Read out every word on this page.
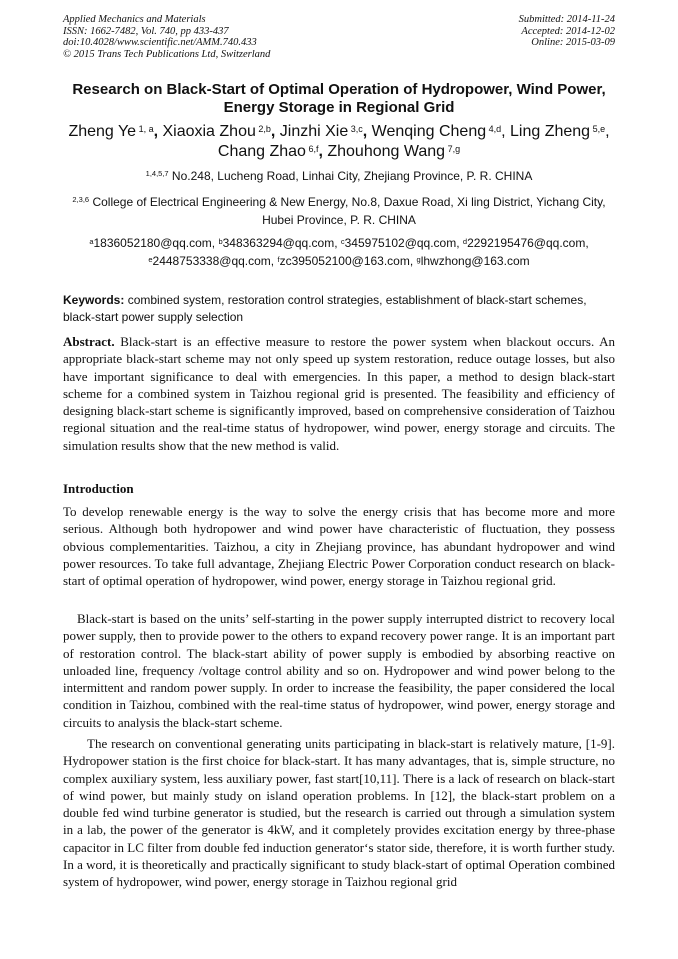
Applied Mechanics and Materials
ISSN: 1662-7482, Vol. 740, pp 433-437
doi:10.4028/www.scientific.net/AMM.740.433
© 2015 Trans Tech Publications Ltd, Switzerland
Submitted: 2014-11-24
Accepted: 2014-12-02
Online: 2015-03-09
Research on Black-Start of Optimal Operation of Hydropower, Wind Power, Energy Storage in Regional Grid
Zheng Ye $^{1, a}$, Xiaoxia Zhou $^{2,b}$, Jinzhi Xie $^{3,c}$, Wenqing Cheng $^{4,d}$, Ling Zheng $^{5,e}$,
Chang Zhao $^{6,f}$, Zhouhong Wang $^{7,g}$
$^{1,4,5,7}$ No.248, Lucheng Road, Linhai City, Zhejiang Province, P. R. CHINA
$^{2,3,6}$ College of Electrical Engineering & New Energy, No.8, Daxue Road, Xi ling District, Yichang City, Hubei Province, P. R. CHINA
$^a$1836052180@qq.com, $^b$348363294@qq.com, $^c$345975102@qq.com, $^d$2292195476@qq.com,
$^e$2448753338@qq.com, $^f$zc395052100@163.com, $^g$lhwzhong@163.com
Keywords: combined system, restoration control strategies, establishment of black-start schemes, black-start power supply selection
Abstract. Black-start is an effective measure to restore the power system when blackout occurs. An appropriate black-start scheme may not only speed up system restoration, reduce outage losses, but also have important significance to deal with emergencies. In this paper, a method to design black-start scheme for a combined system in Taizhou regional grid is presented. The feasibility and efficiency of designing black-start scheme is significantly improved, based on comprehensive consideration of Taizhou regional situation and the real-time status of hydropower, wind power, energy storage and circuits. The simulation results show that the new method is valid.
Introduction
To develop renewable energy is the way to solve the energy crisis that has become more and more serious. Although both hydropower and wind power have characteristic of fluctuation, they possess obvious complementarities. Taizhou, a city in Zhejiang province, has abundant hydropower and wind power resources. To take full advantage, Zhejiang Electric Power Corporation conduct research on black-start of optimal operation of hydropower, wind power, energy storage in Taizhou regional grid.
Black-start is based on the units’ self-starting in the power supply interrupted district to recovery local power supply, then to provide power to the others to expand recovery power range. It is an important part of restoration control. The black-start ability of power supply is embodied by absorbing reactive on unloaded line, frequency /voltage control ability and so on. Hydropower and wind power belong to the intermittent and random power supply. In order to increase the feasibility, the paper considered the local condition in Taizhou, combined with the real-time status of hydropower, wind power, energy storage and circuits to analysis the black-start scheme.
The research on conventional generating units participating in black-start is relatively mature, [1-9]. Hydropower station is the first choice for black-start. It has many advantages, that is, simple structure, no complex auxiliary system, less auxiliary power, fast start[10,11]. There is a lack of research on black-start of wind power, but mainly study on island operation problems. In [12], the black-start problem on a double fed wind turbine generator is studied, but the research is carried out through a simulation system in a lab, the power of the generator is 4kW, and it completely provides excitation energy by three-phase capacitor in LC filter from double fed induction generator‘s stator side, therefore, it is worth further study. In a word, it is theoretically and practically significant to study black-start of optimal Operation combined system of hydropower, wind power, energy storage in Taizhou regional grid
